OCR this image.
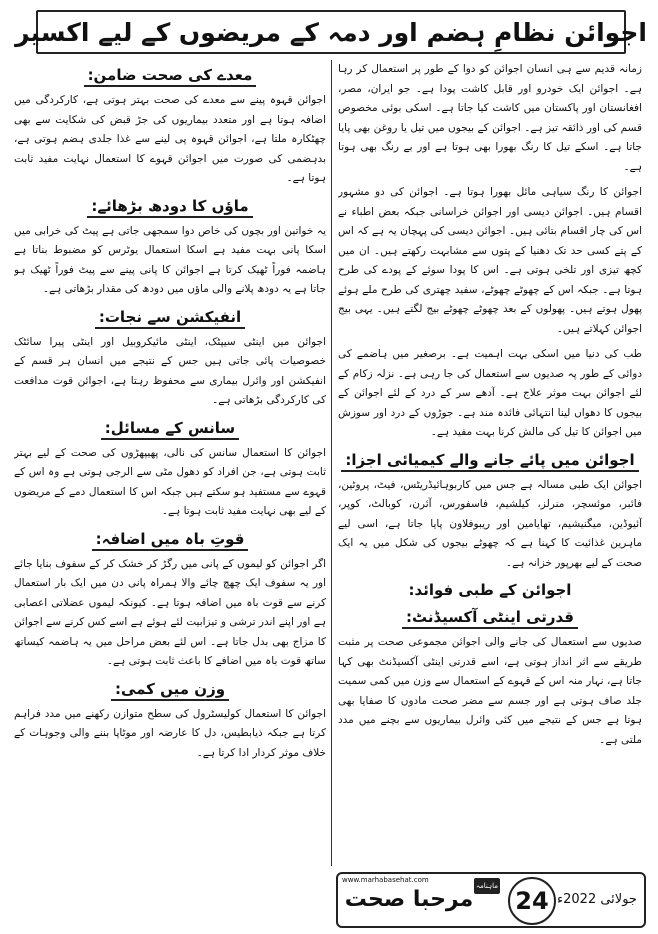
اجوائن نظامِ ہضم اور دمہ کے مریضوں کے لیے اکسیر

زمانہ قدیم سے ہی انسان اجوائن کو دوا کے طور پر استعمال کر رہا ہے۔ اجوائن ایک خودرو اور قابل کاشت پودا ہے۔ جو ایران، مصر، افغانستان اور پاکستان میں کاشت کیا جاتا ہے۔ اسکی بوئی مخصوص قسم کی اور ذائقہ تیز ہے۔ اجوائن کے بیجوں میں تیل یا روغن بھی پایا جاتا ہے۔ اسکے تیل کا رنگ بھورا بھی ہوتا ہے اور بے رنگ بھی ہوتا ہے۔

اجوائن کا رنگ سیاہی مائل بھورا ہوتا ہے۔ اجوائن کی دو مشہور اقسام ہیں۔ اجوائن دیسی اور اجوائن خراسانی جبکہ بعض اطباء نے اس کی چار اقسام بتائی ہیں۔ اجوائن دیسی کی پہچان یہ ہے کہ اس کے پتے کسی حد تک دھنیا کے پتوں سے مشابہت رکھتے ہیں۔ ان میں کچھ تیزی اور تلخی ہوتی ہے۔ اس کا پودا سوئے کے پودے کی طرح ہوتا ہے۔ جبکہ اس کے چھوٹے چھوٹے، سفید چھتری کی طرح ملے ہوئے پھول ہوتے ہیں۔ پھولوں کے بعد چھوٹے چھوٹے بیج لگتے ہیں۔ یہی بیج اجوائن کہلاتے ہیں۔

طب کی دنیا میں اسکی بہت اہمیت ہے۔ برصغیر میں ہاضمے کی دوائی کے طور پہ صدیوں سے استعمال کی جا رہی ہے۔ نزلہ زکام کے لئے اجوائن بہت موثر علاج ہے۔ آدھے سر کے درد کے لئے اجوائن کے بیجوں کا دھواں لینا انتہائی فائدہ مند ہے۔ جوڑوں کے درد اور سوزش میں اجوائن کا تیل کی مالش کرنا بہت مفید ہے۔

اجوائن میں پائے جانے والے کیمیائی اجزا:

اجوائن ایک طبی مسالہ ہے جس میں کاربوہائیڈریٹس، فیٹ، پروٹین، فائبر، موئسچر، منرلز، کیلشیم، فاسفورس، آئرن، کوبالٹ، کوپر، آئیوڈین، میگنیشیم، تھایامین اور ریبوفلاون پایا جاتا ہے، اسی لیے ماہرین غذائیت کا کہنا ہے کہ چھوٹے بیجوں کی شکل میں یہ ایک صحت کے لیے بھرپور خزانہ ہے۔

اجوائن کے طبی فوائد:
قدرتی اینٹی آکسیڈنٹ:

صدیوں سے استعمال کی جانے والی اجوائن مجموعی صحت پر مثبت طریقے سے اثر انداز ہوتی ہے، اسے قدرتی اینٹی آکسیڈنٹ بھی کہا جاتا ہے، نہار منہ اس کے قہوے کے استعمال سے وزن میں کمی سمیت جلد صاف ہوتی ہے اور جسم سے مضر صحت مادوں کا صفایا بھی ہوتا ہے جس کے نتیجے میں کئی وائرل بیماریوں سے بچنے میں مدد ملتی ہے۔

معدے کی صحت ضامن:

اجوائن قہوہ پینے سے معدے کی صحت بہتر ہوتی ہے، کارکردگی میں اضافہ ہوتا ہے اور متعدد بیماریوں کی جڑ قبض کی شکایت سے بھی چھٹکارہ ملتا ہے، اجوائن قہوہ پی لینے سے غذا جلدی ہضم ہوتی ہے، بدہضمی کی صورت میں اجوائن قہوے کا استعمال نہایت مفید ثابت ہوتا ہے۔

ماؤں کا دودھ بڑھائے:

یہ خواتین اور بچوں کی خاص دوا سمجھی جاتی ہے پیٹ کی خرابی میں اسکا پانی بہت مفید ہے اسکا استعمال یوٹرس کو مضبوط بناتا ہے ہاضمہ فوراً ٹھیک کرتا ہے اجوائن کا پانی پینے سے پیٹ فوراً ٹھیک ہو جاتا ہے یہ دودھ پلانے والی ماؤں میں دودھ کی مقدار بڑھاتی ہے۔

انفیکشن سے نجات:

اجوائن میں اینٹی سیپٹک، اینٹی مائیکروبیل اور اینٹی پیرا سائٹک خصوصیات پائی جاتی ہیں جس کے نتیجے میں انسان ہر قسم کے انفیکشن اور وائرل بیماری سے محفوظ رہتا ہے، اجوائن قوت مدافعت کی کارکردگی بڑھاتی ہے۔

سانس کے مسائل:

اجوائن کا استعمال سانس کی نالی، پھیپھڑوں کی صحت کے لیے بہتر ثابت ہوتی ہے، جن افراد کو دھول مٹی سے الرجی ہوتی ہے وہ اس کے قہوے سے مستفید ہو سکتے ہیں جبکہ اس کا استعمال دمے کے مریضوں کے لیے بھی نہایت مفید ثابت ہوتا ہے۔

قوتِ باہ میں اضافہ:

اگر اجوائن کو لیموں کے پانی میں رگڑ کر خشک کر کے سفوف بنایا جائے اور یہ سفوف ایک چھچ چائے والا ہمراہ پانی دن میں ایک بار استعمال کرنے سے قوت باہ میں اضافہ ہوتا ہے۔ کیونکہ لیموں عضلاتی اعصابی ہے اور اپنے اندر ترشی و تیزابیت لئے ہوئے ہے اسے کس کرنے سے اجوائن کا مزاج بھی بدل جاتا ہے۔ اس لئے بعض مراحل میں یہ ہاضمہ کیساتھ ساتھ قوت باہ میں اضافے کا باعث ثابت ہوتی ہے۔

وزن میں کمی:

اجوائن کا استعمال کولیسٹرول کی سطح متوازن رکھنے میں مدد فراہم کرتا ہے جبکہ ذیابطیس، دل کا عارضہ اور موٹاپا بننے والی وجوہات کے خلاف موثر کردار ادا کرتا ہے۔

www.marhabasehat.com
مرحبا صحت
ماہنامہ
24 جولائی 2022ء
